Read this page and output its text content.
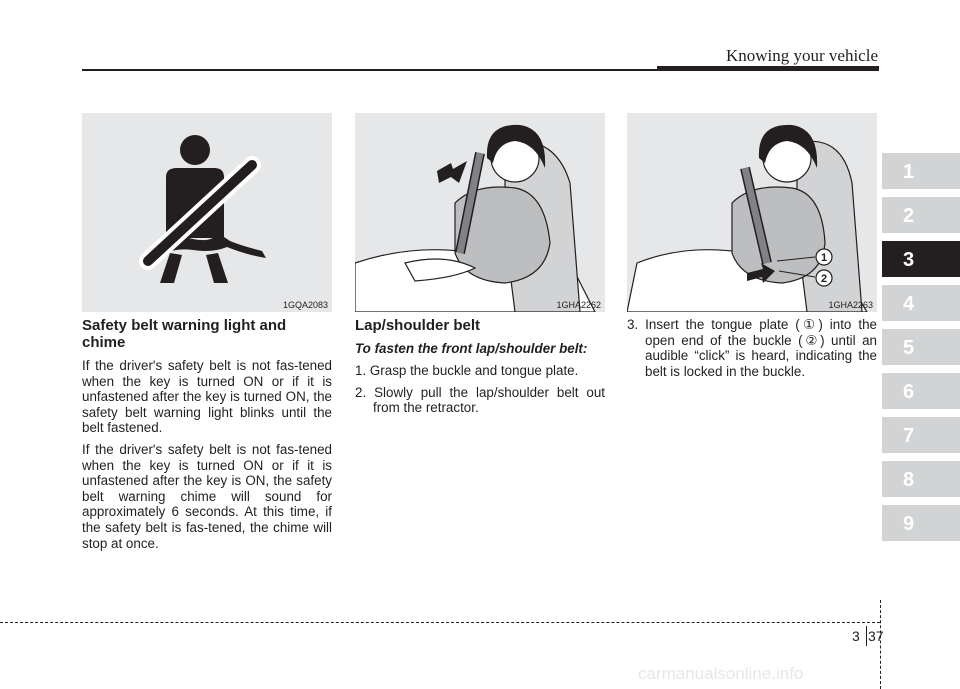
Knowing your vehicle
1
2
3
4
5
6
7
8
9
1GQA2083	1GHA2262
1
2
1GHA2263
Safety belt warning light and chime

If the driver's safety belt is not fas-tened when the key is turned ON or if it is unfastened after the key is turned ON, the safety belt warning light blinks until the belt fastened.

If the driver's safety belt is not fas-tened when the key is turned ON or if it is unfastened after the key is ON, the safety belt warning chime will sound for approximately 6 seconds. At this time, if the safety belt is fas-tened, the chime will stop at once.

Lap/shoulder belt
To fasten the front lap/shoulder belt:

1. Grasp the buckle and tongue plate.

2. Slowly pull the lap/shoulder belt out from the retractor.

3. Insert the tongue plate (①) into the open end of the buckle (②) until an audible “click” is heard, indicating the belt is locked in the buckle.

3 37
carmanualsonline.info
